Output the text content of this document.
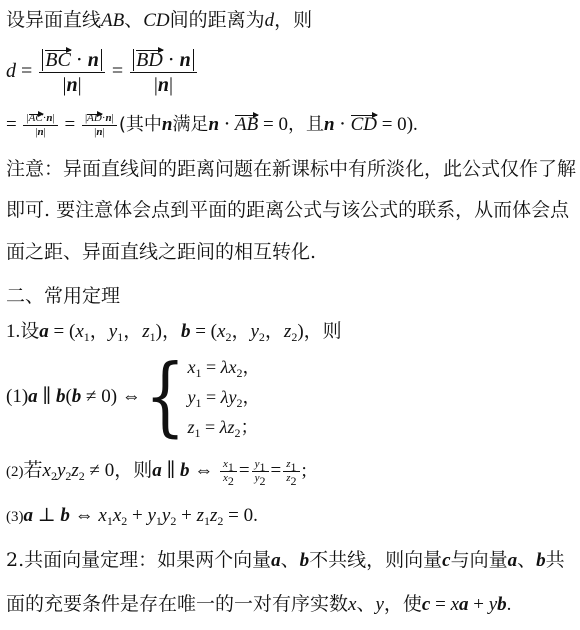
设异面直线AB、CD间的距离为d，则
$d = \frac{BC \cdot n}{|n|} = \frac{BD \cdot n}{|n|}$
= $\frac{|AC\cdot n|}{|n|} = \frac{|AD\cdot n|}{|n|}$ (其中n满足n ⋅ AB = 0，且n ⋅ CD = 0).
注意：异面直线间的距离问题在新课标中有所淡化，此公式仅作了解
即可. 要注意体会点到平面的距离公式与该公式的联系，从而体会点
面之距、异面直线之距间的相互转化.
二、常用定理
1.设$a = (x_1$，$y_1$，$z_1$)，$b = (x_2$，$y_2$，$z_2$)，则
(1)a ∥ b(b ≠ 0) ⇔{ $x_1 = \lambda x_2$，
$y_1 = \lambda y_2$，
$z_1 = \lambda z_2$；
(2)若$x_2y_2z_2 \ne 0$，则a ∥ b ⇔ $\frac{x_1}{x_2} = \frac{y_1}{y_2} = \frac{z_1}{z_2}$ ;
(3)a ⊥ b ⇔ $x_1x_2 + y_1y_2 + z_1z_2 = 0$.
2.共面向量定理：如果两个向量a、b不共线，则向量c与向量a、b共
面的充要条件是存在唯一的一对有序实数x、y，使c = xa + yb.
